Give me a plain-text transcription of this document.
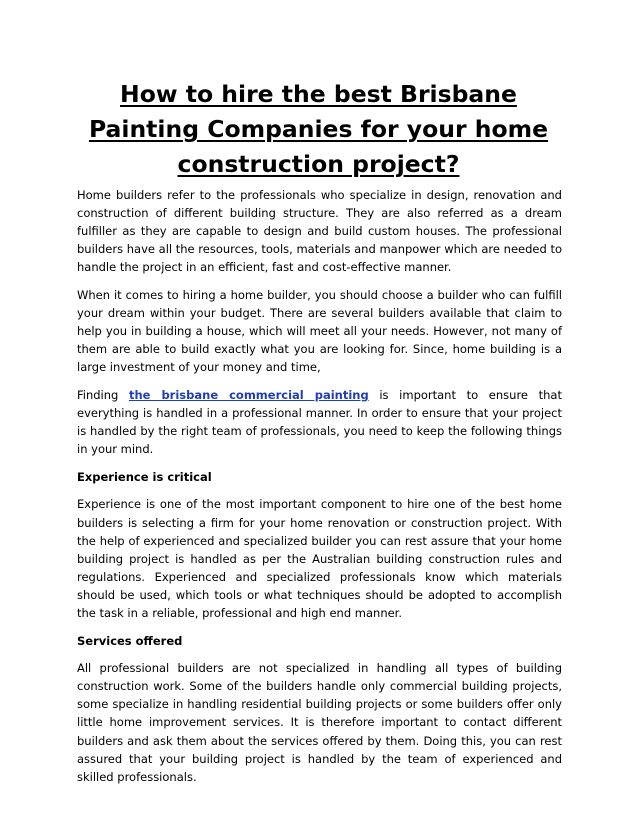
How to hire the best Brisbane Painting Companies for your home construction project?

Home builders refer to the professionals who specialize in design, renovation and construction of different building structure. They are also referred as a dream fulfiller as they are capable to design and build custom houses. The professional builders have all the resources, tools, materials and manpower which are needed to handle the project in an efficient, fast and cost-effective manner.

When it comes to hiring a home builder, you should choose a builder who can fulfill your dream within your budget. There are several builders available that claim to help you in building a house, which will meet all your needs. However, not many of them are able to build exactly what you are looking for. Since, home building is a large investment of your money and time,

Finding the brisbane commercial painting is important to ensure that everything is handled in a professional manner. In order to ensure that your project is handled by the right team of professionals, you need to keep the following things in your mind.

Experience is critical

Experience is one of the most important component to hire one of the best home builders is selecting a firm for your home renovation or construction project. With the help of experienced and specialized builder you can rest assure that your home building project is handled as per the Australian building construction rules and regulations. Experienced and specialized professionals know which materials should be used, which tools or what techniques should be adopted to accomplish the task in a reliable, professional and high end manner.

Services offered

All professional builders are not specialized in handling all types of building construction work. Some of the builders handle only commercial building projects, some specialize in handling residential building projects or some builders offer only little home improvement services. It is therefore important to contact different builders and ask them about the services offered by them. Doing this, you can rest assured that your building project is handled by the team of experienced and skilled professionals.
